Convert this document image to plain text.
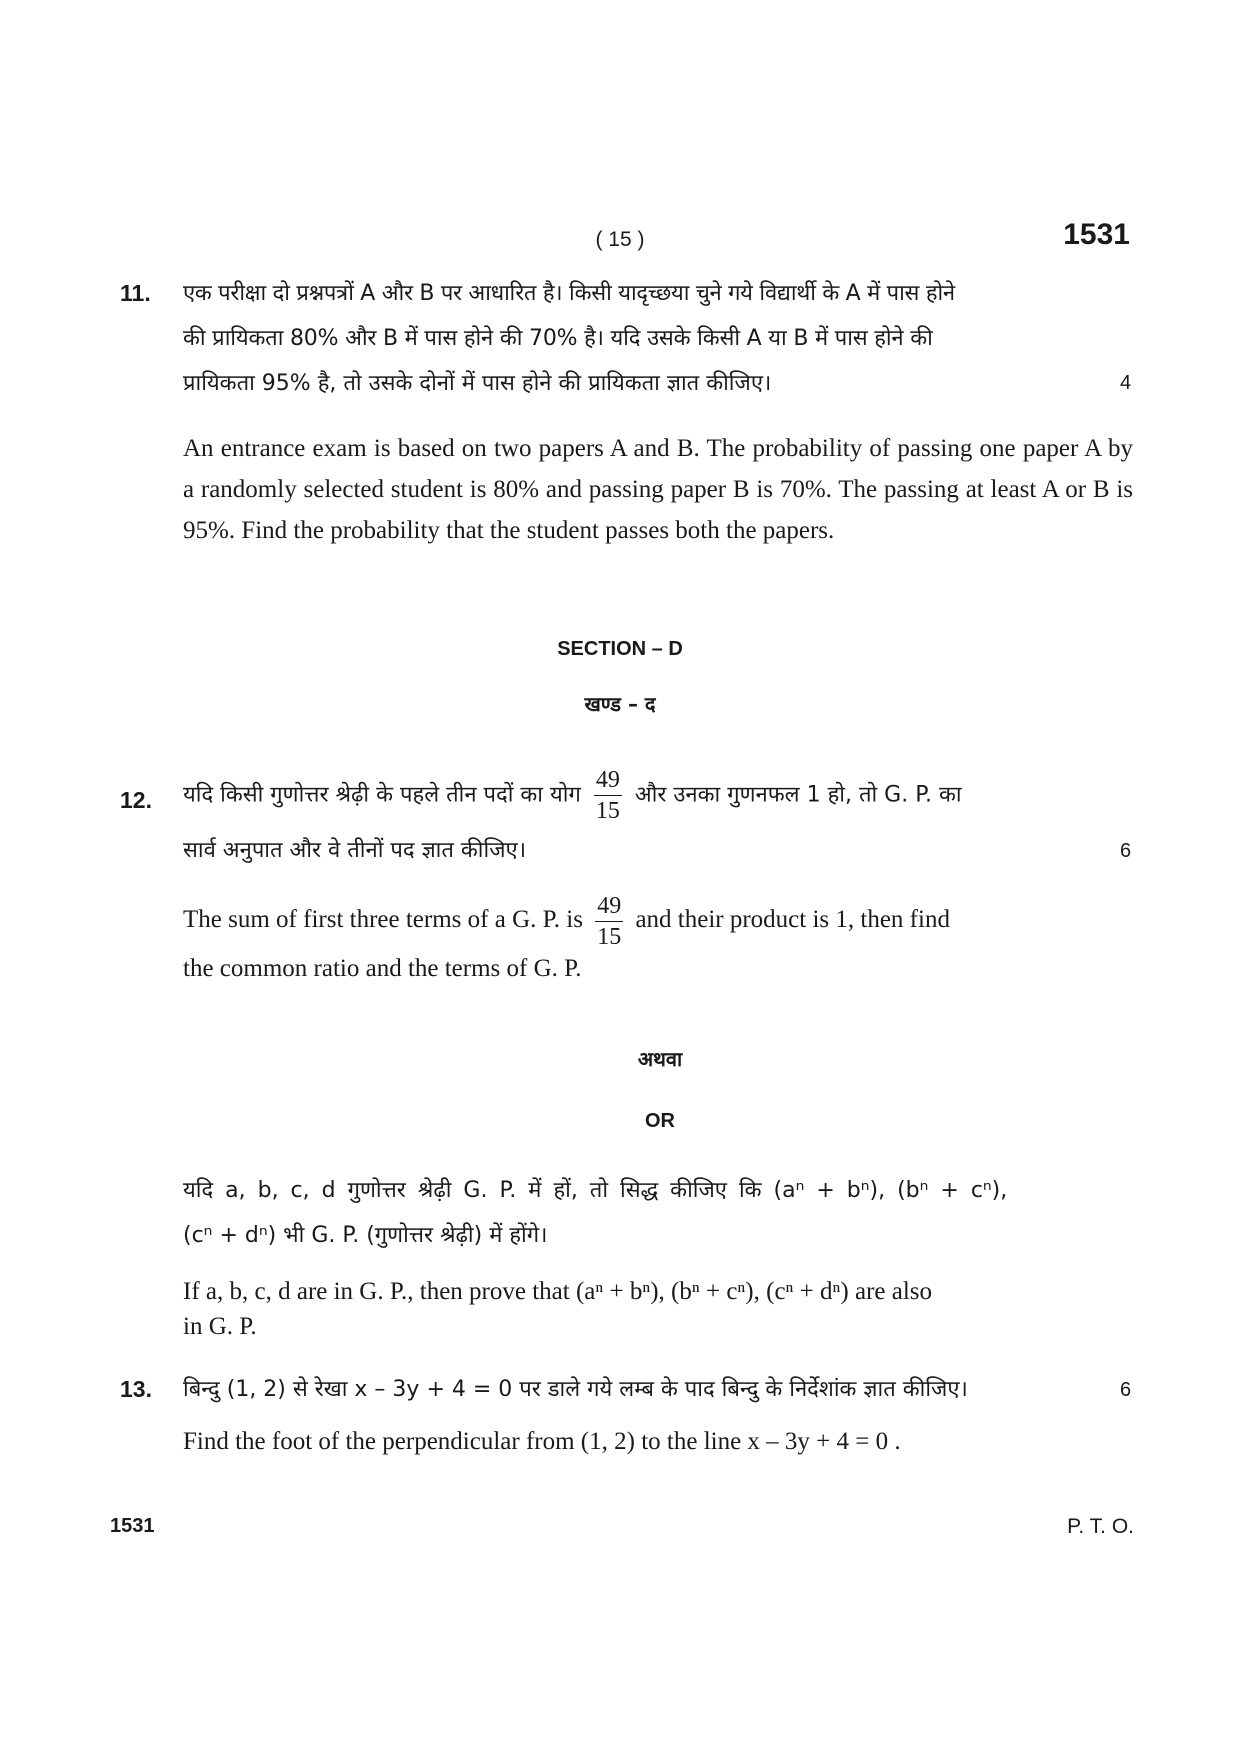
( 15 )	1531
11. एक परीक्षा दो प्रश्नपत्रों A और B पर आधारित है। किसी यादृच्छया चुने गये विद्यार्थी के A में पास होने
की प्रायिकता 80% और B में पास होने की 70% है। यदि उसके किसी A या B में पास होने की
प्रायिकता 95% है, तो उसके दोनों में पास होने की प्रायिकता ज्ञात कीजिए।	4
An entrance exam is based on two papers A and B. The probability of passing one paper A by a randomly selected student is 80% and passing paper B is 70%. The passing at least A or B is 95%. Find the probability that the student passes both the papers.
SECTION – D
खण्ड – द
12. यदि किसी गुणोत्तर श्रेढ़ी के पहले तीन पदों का योग $\frac{49}{15}$ और उनका गुणनफल 1 हो, तो G. P. का
सार्व अनुपात और वे तीनों पद ज्ञात कीजिए।	6
The sum of first three terms of a G. P. is $\frac{49}{15}$ and their product is 1, then find
the common ratio and the terms of G. P.
अथवा
OR
यदि a, b, c, d गुणोत्तर श्रेढ़ी G. P. में हों, तो सिद्ध कीजिए कि (aⁿ + bⁿ), (bⁿ + cⁿ),
(cⁿ + dⁿ) भी G. P. (गुणोत्तर श्रेढ़ी) में होंगे।
If a, b, c, d are in G. P., then prove that (aⁿ + bⁿ), (bⁿ + cⁿ), (cⁿ + dⁿ) are also
in G. P.
13. बिन्दु (1, 2) से रेखा x – 3y + 4 = 0 पर डाले गये लम्ब के पाद बिन्दु के निर्देशांक ज्ञात कीजिए।	6
Find the foot of the perpendicular from (1, 2) to the line x – 3y + 4 = 0 .
1531	P. T. O.
